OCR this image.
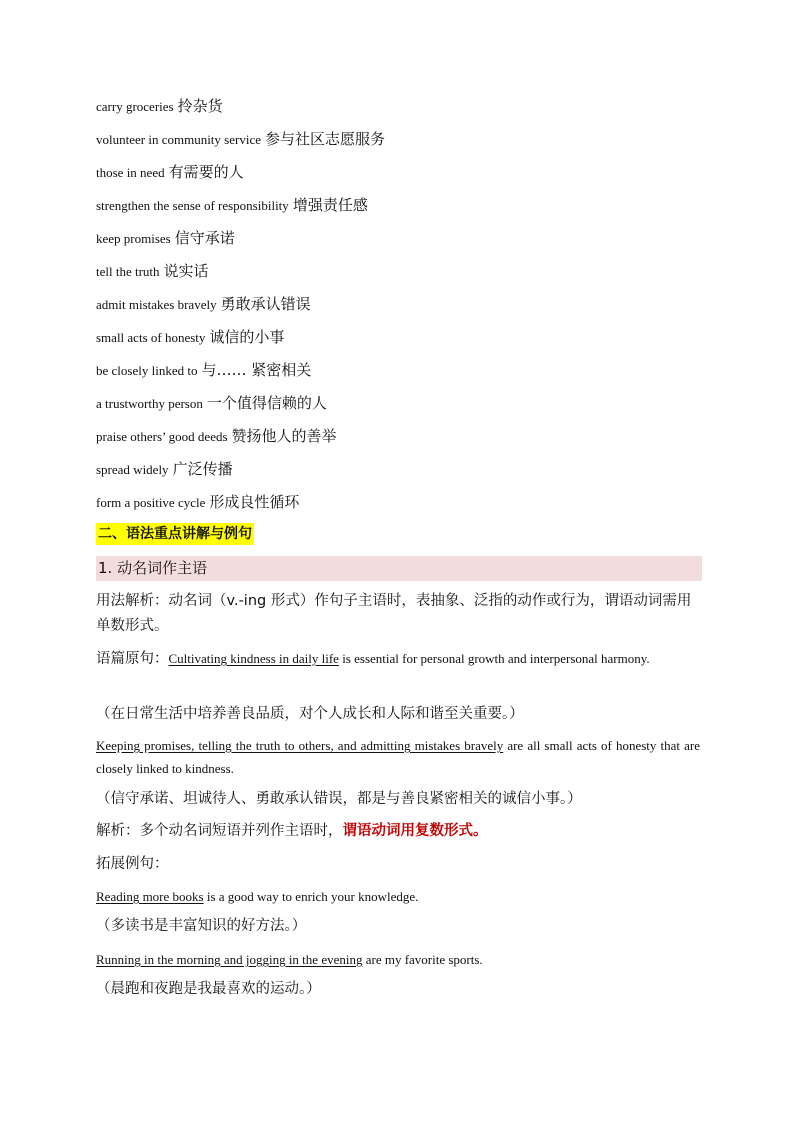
carry groceries 拎杂货
volunteer in community service 参与社区志愿服务
those in need 有需要的人
strengthen the sense of responsibility 增强责任感
keep promises 信守承诺
tell the truth 说实话
admit mistakes bravely 勇敢承认错误
small acts of honesty 诚信的小事
be closely linked to 与…… 紧密相关
a trustworthy person 一个值得信赖的人
praise others’ good deeds 赞扬他人的善举
spread widely 广泛传播
form a positive cycle 形成良性循环
二、语法重点讲解与例句
1. 动名词作主语
用法解析：动名词（v.-ing 形式）作句子主语时，表抽象、泛指的动作或行为，谓语动词需用单数形式。
语篇原句：Cultivating kindness in daily life is essential for personal growth and interpersonal harmony.
（在日常生活中培养善良品质，对个人成长和人际和谐至关重要。）
Keeping promises, telling the truth to others, and admitting mistakes bravely are all small acts of honesty that are closely linked to kindness.
（信守承诺、坦诚待人、勇敢承认错误，都是与善良紧密相关的诚信小事。）
解析：多个动名词短语并列作主语时，谓语动词用复数形式。
拓展例句：
Reading more books is a good way to enrich your knowledge.
（多读书是丰富知识的好方法。）
Running in the morning and jogging in the evening are my favorite sports.
（晨跑和夜跑是我最喜欢的运动。）
